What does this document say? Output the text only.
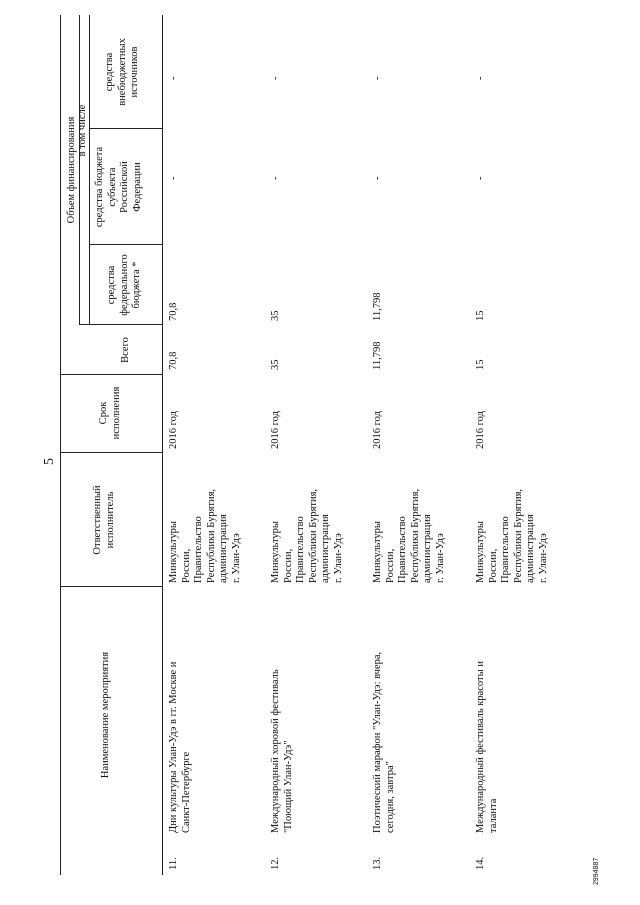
5
Наименование мероприятия
Ответственный
исполнитель
Срок
исполнения
Объем финансирования в том числе
Всего
средства
федерального
бюджета *
средства бюджета
субъекта
Российской
Федерации
средства
внебюджетных
источников
11.
Дни культуры Улан-Удэ в гг. Москве и
Санкт-Петербурге
Минкультуры
России,
Правительство
Республики Бурятия,
администрация
г. Улан-Удэ
2016 год
70,8
70,8
-
-
12.
Международный хоровой фестиваль
"Поющий Улан-Удэ"
Минкультуры
России,
Правительство
Республики Бурятия,
администрация
г. Улан-Удэ
2016 год
35
35
-
-
13.
Поэтический марафон "Улан-Удэ: вчера,
сегодня, завтра"
Минкультуры
России,
Правительство
Республики Бурятия,
администрация
г. Улан-Удэ
2016 год
11,798
11,798
-
-
14.
Международный фестиваль красоты и
таланта
Минкультуры
России,
Правительство
Республики Бурятия,
администрация
г. Улан-Удэ
2016 год
15
15
-
-
2994887
